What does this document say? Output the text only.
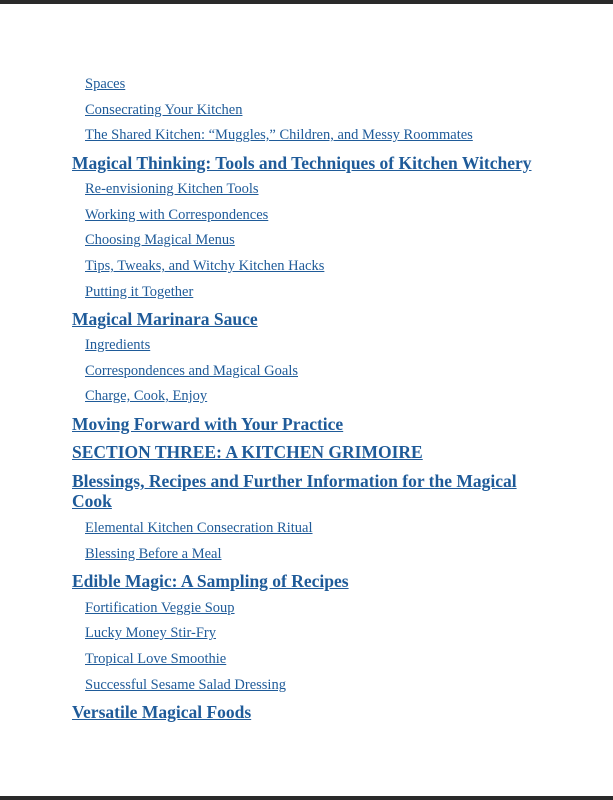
Spaces
Consecrating Your Kitchen
The Shared Kitchen: “Muggles,” Children, and Messy Roommates
Magical Thinking: Tools and Techniques of Kitchen Witchery
Re-envisioning Kitchen Tools
Working with Correspondences
Choosing Magical Menus
Tips, Tweaks, and Witchy Kitchen Hacks
Putting it Together
Magical Marinara Sauce
Ingredients
Correspondences and Magical Goals
Charge, Cook, Enjoy
Moving Forward with Your Practice
SECTION THREE: A KITCHEN GRIMOIRE
Blessings, Recipes and Further Information for the Magical Cook
Elemental Kitchen Consecration Ritual
Blessing Before a Meal
Edible Magic: A Sampling of Recipes
Fortification Veggie Soup
Lucky Money Stir-Fry
Tropical Love Smoothie
Successful Sesame Salad Dressing
Versatile Magical Foods
